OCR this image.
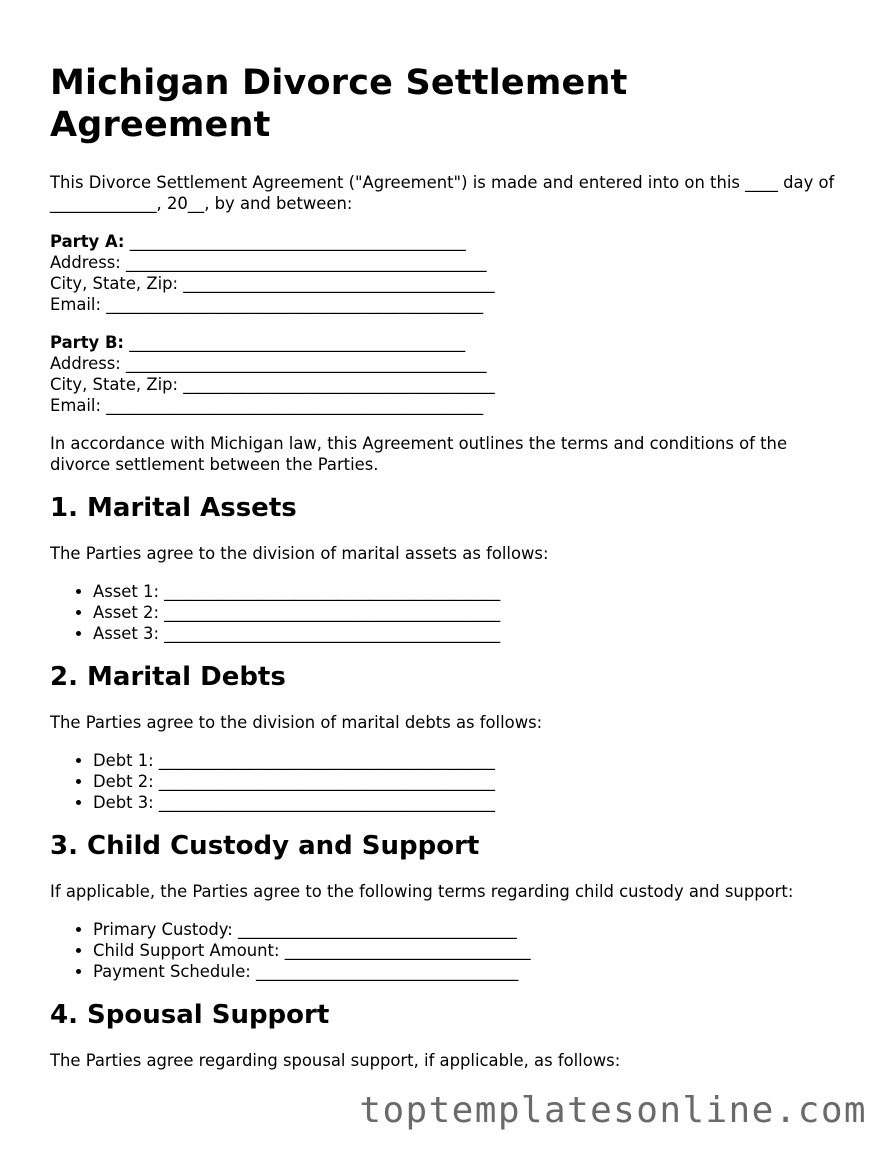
Michigan Divorce Settlement Agreement

This Divorce Settlement Agreement ("Agreement") is made and entered into on this ____ day of _____________, 20__, by and between:

Party A: _________________________________________
Address: ____________________________________________
City, State, Zip: ______________________________________
Email: ______________________________________________
Party B: _________________________________________
Address: ____________________________________________
City, State, Zip: ______________________________________
Email: ______________________________________________

In accordance with Michigan law, this Agreement outlines the terms and conditions of the divorce settlement between the Parties.

1. Marital Assets

The Parties agree to the division of marital assets as follows:

• Asset 1: _________________________________________
• Asset 2: _________________________________________
• Asset 3: _________________________________________
2. Marital Debts

The Parties agree to the division of marital debts as follows:

• Debt 1: _________________________________________
• Debt 2: _________________________________________
• Debt 3: _________________________________________
3. Child Custody and Support

If applicable, the Parties agree to the following terms regarding child custody and support:

• Primary Custody: __________________________________
• Child Support Amount: ______________________________
• Payment Schedule: ________________________________
4. Spousal Support

The Parties agree regarding spousal support, if applicable, as follows:

toptemplatesonline.com
